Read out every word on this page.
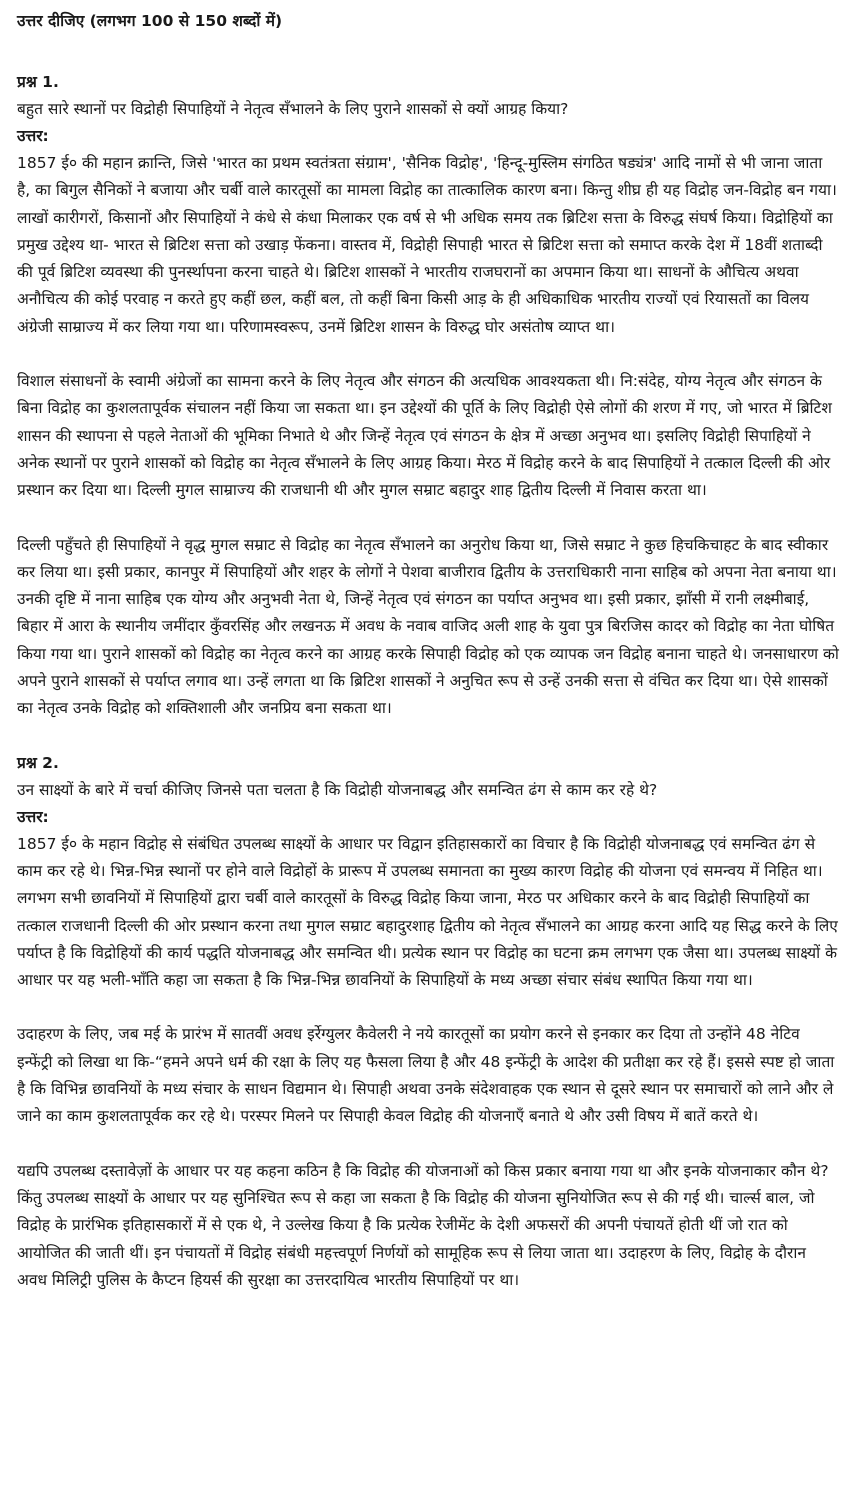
उत्तर दीजिए (लगभग 100 से 150 शब्दों में)

प्रश्न 1.

बहुत सारे स्थानों पर विद्रोही सिपाहियों ने नेतृत्व सँभालने के लिए पुराने शासकों से क्यों आग्रह किया?

उत्तर:

1857 ई० की महान क्रान्ति, जिसे 'भारत का प्रथम स्वतंत्रता संग्राम', 'सैनिक विद्रोह', 'हिन्दू-मुस्लिम संगठित षड्यंत्र' आदि नामों से भी जाना जाता है, का बिगुल सैनिकों ने बजाया और चर्बी वाले कारतूसों का मामला विद्रोह का तात्कालिक कारण बना। किन्तु शीघ्र ही यह विद्रोह जन-विद्रोह बन गया। लाखों कारीगरों, किसानों और सिपाहियों ने कंधे से कंधा मिलाकर एक वर्ष से भी अधिक समय तक ब्रिटिश सत्ता के विरुद्ध संघर्ष किया। विद्रोहियों का प्रमुख उद्देश्य था- भारत से ब्रिटिश सत्ता को उखाड़ फेंकना। वास्तव में, विद्रोही सिपाही भारत से ब्रिटिश सत्ता को समाप्त करके देश में 18वीं शताब्दी की पूर्व ब्रिटिश व्यवस्था की पुनर्स्थापना करना चाहते थे। ब्रिटिश शासकों ने भारतीय राजघरानों का अपमान किया था। साधनों के औचित्य अथवा अनौचित्य की कोई परवाह न करते हुए कहीं छल, कहीं बल, तो कहीं बिना किसी आड़ के ही अधिकाधिक भारतीय राज्यों एवं रियासतों का विलय अंग्रेजी साम्राज्य में कर लिया गया था। परिणामस्वरूप, उनमें ब्रिटिश शासन के विरुद्ध घोर असंतोष व्याप्त था।

विशाल संसाधनों के स्वामी अंग्रेजों का सामना करने के लिए नेतृत्व और संगठन की अत्यधिक आवश्यकता थी। नि:संदेह, योग्य नेतृत्व और संगठन के बिना विद्रोह का कुशलतापूर्वक संचालन नहीं किया जा सकता था। इन उद्देश्यों की पूर्ति के लिए विद्रोही ऐसे लोगों की शरण में गए, जो भारत में ब्रिटिश शासन की स्थापना से पहले नेताओं की भूमिका निभाते थे और जिन्हें नेतृत्व एवं संगठन के क्षेत्र में अच्छा अनुभव था। इसलिए विद्रोही सिपाहियों ने अनेक स्थानों पर पुराने शासकों को विद्रोह का नेतृत्व सँभालने के लिए आग्रह किया। मेरठ में विद्रोह करने के बाद सिपाहियों ने तत्काल दिल्ली की ओर प्रस्थान कर दिया था। दिल्ली मुगल साम्राज्य की राजधानी थी और मुगल सम्राट बहादुर शाह द्वितीय दिल्ली में निवास करता था।

दिल्ली पहुँचते ही सिपाहियों ने वृद्ध मुगल सम्राट से विद्रोह का नेतृत्व सँभालने का अनुरोध किया था, जिसे सम्राट ने कुछ हिचकिचाहट के बाद स्वीकार कर लिया था। इसी प्रकार, कानपुर में सिपाहियों और शहर के लोगों ने पेशवा बाजीराव द्वितीय के उत्तराधिकारी नाना साहिब को अपना नेता बनाया था। उनकी दृष्टि में नाना साहिब एक योग्य और अनुभवी नेता थे, जिन्हें नेतृत्व एवं संगठन का पर्याप्त अनुभव था। इसी प्रकार, झाँसी में रानी लक्ष्मीबाई, बिहार में आरा के स्थानीय जमींदार कुँवरसिंह और लखनऊ में अवध के नवाब वाजिद अली शाह के युवा पुत्र बिरजिस कादर को विद्रोह का नेता घोषित किया गया था। पुराने शासकों को विद्रोह का नेतृत्व करने का आग्रह करके सिपाही विद्रोह को एक व्यापक जन विद्रोह बनाना चाहते थे। जनसाधारण को अपने पुराने शासकों से पर्याप्त लगाव था। उन्हें लगता था कि ब्रिटिश शासकों ने अनुचित रूप से उन्हें उनकी सत्ता से वंचित कर दिया था। ऐसे शासकों का नेतृत्व उनके विद्रोह को शक्तिशाली और जनप्रिय बना सकता था।

प्रश्न 2.

उन साक्ष्यों के बारे में चर्चा कीजिए जिनसे पता चलता है कि विद्रोही योजनाबद्ध और समन्वित ढंग से काम कर रहे थे?

उत्तर:

1857 ई० के महान विद्रोह से संबंधित उपलब्ध साक्ष्यों के आधार पर विद्वान इतिहासकारों का विचार है कि विद्रोही योजनाबद्ध एवं समन्वित ढंग से काम कर रहे थे। भिन्न-भिन्न स्थानों पर होने वाले विद्रोहों के प्रारूप में उपलब्ध समानता का मुख्य कारण विद्रोह की योजना एवं समन्वय में निहित था। लगभग सभी छावनियों में सिपाहियों द्वारा चर्बी वाले कारतूसों के विरुद्ध विद्रोह किया जाना, मेरठ पर अधिकार करने के बाद विद्रोही सिपाहियों का तत्काल राजधानी दिल्ली की ओर प्रस्थान करना तथा मुगल सम्राट बहादुरशाह द्वितीय को नेतृत्व सँभालने का आग्रह करना आदि यह सिद्ध करने के लिए पर्याप्त है कि विद्रोहियों की कार्य पद्धति योजनाबद्ध और समन्वित थी। प्रत्येक स्थान पर विद्रोह का घटना क्रम लगभग एक जैसा था। उपलब्ध साक्ष्यों के आधार पर यह भली-भाँति कहा जा सकता है कि भिन्न-भिन्न छावनियों के सिपाहियों के मध्य अच्छा संचार संबंध स्थापित किया गया था।

उदाहरण के लिए, जब मई के प्रारंभ में सातवीं अवध इर्रेग्युलर कैवेलरी ने नये कारतूसों का प्रयोग करने से इनकार कर दिया तो उन्होंने 48 नेटिव इन्फेंट्री को लिखा था कि-“हमने अपने धर्म की रक्षा के लिए यह फैसला लिया है और 48 इन्फेंट्री के आदेश की प्रतीक्षा कर रहे हैं। इससे स्पष्ट हो जाता है कि विभिन्न छावनियों के मध्य संचार के साधन विद्यमान थे। सिपाही अथवा उनके संदेशवाहक एक स्थान से दूसरे स्थान पर समाचारों को लाने और ले जाने का काम कुशलतापूर्वक कर रहे थे। परस्पर मिलने पर सिपाही केवल विद्रोह की योजनाएँ बनाते थे और उसी विषय में बातें करते थे।

यद्यपि उपलब्ध दस्तावेज़ों के आधार पर यह कहना कठिन है कि विद्रोह की योजनाओं को किस प्रकार बनाया गया था और इनके योजनाकार कौन थे? किंतु उपलब्ध साक्ष्यों के आधार पर यह सुनिश्चित रूप से कहा जा सकता है कि विद्रोह की योजना सुनियोजित रूप से की गई थी। चार्ल्स बाल, जो विद्रोह के प्रारंभिक इतिहासकारों में से एक थे, ने उल्लेख किया है कि प्रत्येक रेजीमेंट के देशी अफसरों की अपनी पंचायतें होती थीं जो रात को आयोजित की जाती थीं। इन पंचायतों में विद्रोह संबंधी महत्त्वपूर्ण निर्णयों को सामूहिक रूप से लिया जाता था। उदाहरण के लिए, विद्रोह के दौरान अवध मिलिट्री पुलिस के कैप्टन हियर्स की सुरक्षा का उत्तरदायित्व भारतीय सिपाहियों पर था।
